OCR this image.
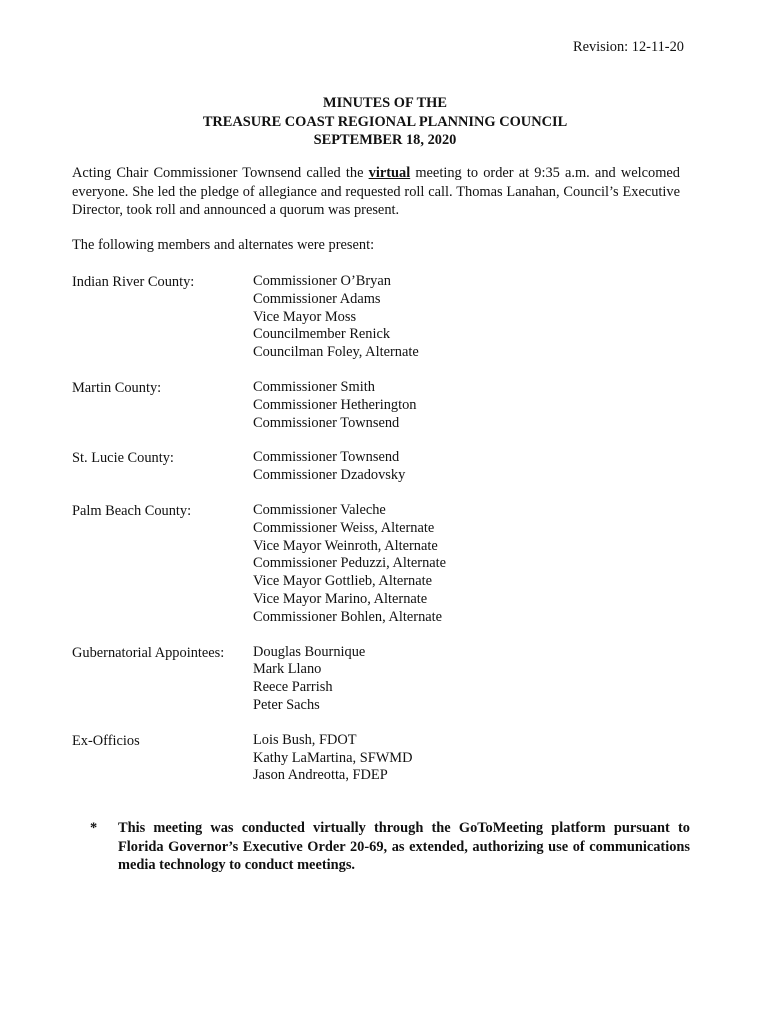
Revision: 12-11-20
MINUTES OF THE
TREASURE COAST REGIONAL PLANNING COUNCIL
SEPTEMBER 18, 2020
Acting Chair Commissioner Townsend called the virtual meeting to order at 9:35 a.m. and welcomed everyone. She led the pledge of allegiance and requested roll call. Thomas Lanahan, Council’s Executive Director, took roll and announced a quorum was present.
The following members and alternates were present:
Indian River County:	Commissioner O’Bryan
Commissioner Adams
Vice Mayor Moss
Councilmember Renick
Councilman Foley, Alternate
Martin County:	Commissioner Smith
Commissioner Hetherington
Commissioner Townsend
St. Lucie County:	Commissioner Townsend
Commissioner Dzadovsky
Palm Beach County:	Commissioner Valeche
Commissioner Weiss, Alternate
Vice Mayor Weinroth, Alternate
Commissioner Peduzzi, Alternate
Vice Mayor Gottlieb, Alternate
Vice Mayor Marino, Alternate
Commissioner Bohlen, Alternate
Gubernatorial Appointees:	Douglas Bournique
Mark Llano
Reece Parrish
Peter Sachs
Ex-Officios	Lois Bush, FDOT
Kathy LaMartina, SFWMD
Jason Andreotta, FDEP
*	This meeting was conducted virtually through the GoToMeeting platform pursuant to Florida Governor’s Executive Order 20-69, as extended, authorizing use of communications media technology to conduct meetings.
